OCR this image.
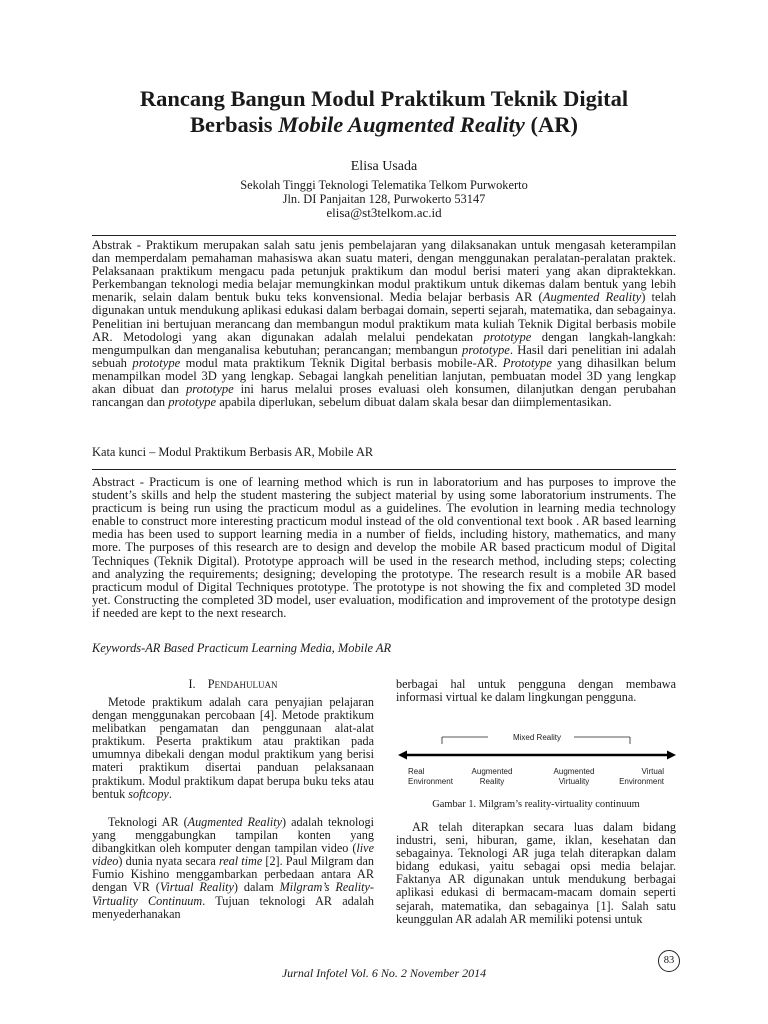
Rancang Bangun Modul Praktikum Teknik Digital
Berbasis Mobile Augmented Reality (AR)
Elisa Usada
Sekolah Tinggi Teknologi Telematika Telkom Purwokerto
Jln. DI Panjaitan 128, Purwokerto 53147
elisa@st3telkom.ac.id
Abstrak - Praktikum merupakan salah satu jenis pembelajaran yang dilaksanakan untuk mengasah keterampilan dan memperdalam pemahaman mahasiswa akan suatu materi, dengan menggunakan peralatan-peralatan praktek. Pelaksanaan praktikum mengacu pada petunjuk praktikum dan modul berisi materi yang akan dipraktekkan. Perkembangan teknologi media belajar memungkinkan modul praktikum untuk dikemas dalam bentuk yang lebih menarik, selain dalam bentuk buku teks konvensional. Media belajar berbasis AR (Augmented Reality) telah digunakan untuk mendukung aplikasi edukasi dalam berbagai domain, seperti sejarah, matematika, dan sebagainya. Penelitian ini bertujuan merancang dan membangun modul praktikum mata kuliah Teknik Digital berbasis mobile AR. Metodologi yang akan digunakan adalah melalui pendekatan prototype dengan langkah-langkah: mengumpulkan dan menganalisa kebutuhan; perancangan; membangun prototype. Hasil dari penelitian ini adalah sebuah prototype modul mata praktikum Teknik Digital berbasis mobile-AR. Prototype yang dihasilkan belum menampilkan model 3D yang lengkap. Sebagai langkah penelitian lanjutan, pembuatan model 3D yang lengkap akan dibuat dan prototype ini harus melalui proses evaluasi oleh konsumen, dilanjutkan dengan perubahan rancangan dan prototype apabila diperlukan, sebelum dibuat dalam skala besar dan diimplementasikan.
Kata kunci – Modul Praktikum Berbasis AR, Mobile AR
Abstract - Practicum is one of learning method which is run in laboratorium and has purposes to improve the student’s skills and help the student mastering the subject material by using some laboratorium instruments. The practicum is being run using the practicum modul as a guidelines. The evolution in learning media technology enable to construct more interesting practicum modul instead of the old conventional text book . AR based learning media has been used to support learning media in a number of fields, including history, mathematics, and many more. The purposes of this research are to design and develop the mobile AR based practicum modul of Digital Techniques (Teknik Digital). Prototype approach will be used in the research method, including steps; colecting and analyzing the requirements; designing; developing the prototype. The research result is a mobile AR based practicum modul of Digital Techniques prototype. The prototype is not showing the fix and completed 3D model yet. Constructing the completed 3D model, user evaluation, modification and improvement of the prototype design if needed are kept to the next research.
Keywords-AR Based Practicum Learning Media, Mobile AR
I. Pendahuluan
Metode praktikum adalah cara penyajian pelajaran dengan menggunakan percobaan [4]. Metode praktikum melibatkan pengamatan dan penggunaan alat-alat praktikum. Peserta praktikum atau praktikan pada umumnya dibekali dengan modul praktikum yang berisi materi praktikum disertai panduan pelaksanaan praktikum. Modul praktikum dapat berupa buku teks atau bentuk softcopy.
Teknologi AR (Augmented Reality) adalah teknologi yang menggabungkan tampilan konten yang dibangkitkan oleh komputer dengan tampilan video (live video) dunia nyata secara real time [2]. Paul Milgram dan Fumio Kishino menggambarkan perbedaan antara AR dengan VR (Virtual Reality) dalam Milgram’s Reality-Virtuality Continuum. Tujuan teknologi AR adalah menyederhanakan
berbagai hal untuk pengguna dengan membawa informasi virtual ke dalam lingkungan pengguna.
Mixed Reality
Real
Environment
Augmented
Reality
Augmented
Virtuality
Virtual
Environment
Gambar 1. Milgram’s reality-virtuality continuum
AR telah diterapkan secara luas dalam bidang industri, seni, hiburan, game, iklan, kesehatan dan sebagainya. Teknologi AR juga telah diterapkan dalam bidang edukasi, yaitu sebagai opsi media belajar. Faktanya AR digunakan untuk mendukung berbagai aplikasi edukasi di bermacam-macam domain seperti sejarah, matematika, dan sebagainya [1]. Salah satu keunggulan AR adalah AR memiliki potensi untuk
Jurnal Infotel Vol. 6 No. 2 November 2014
83
